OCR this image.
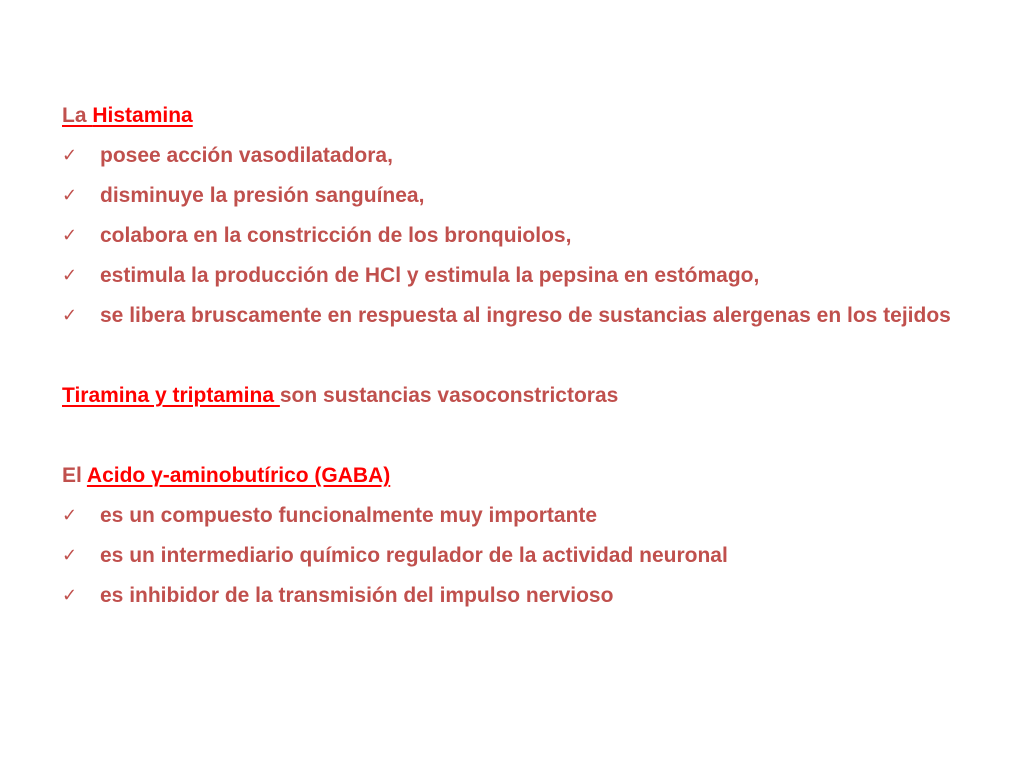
La Histamina

✓	posee acción vasodilatadora,
✓	disminuye la presión sanguínea,
✓	colabora en la constricción de los bronquiolos,
✓	estimula la producción de HCl y estimula la pepsina en estómago,
✓	se libera bruscamente en respuesta al ingreso de sustancias alergenas en los tejidos

Tiramina y triptamina son sustancias vasoconstrictoras

El Acido γ-aminobutírico (GABA)

✓	es un compuesto funcionalmente muy importante
✓	es un intermediario químico regulador de la actividad neuronal
✓	es inhibidor de la transmisión del impulso nervioso
